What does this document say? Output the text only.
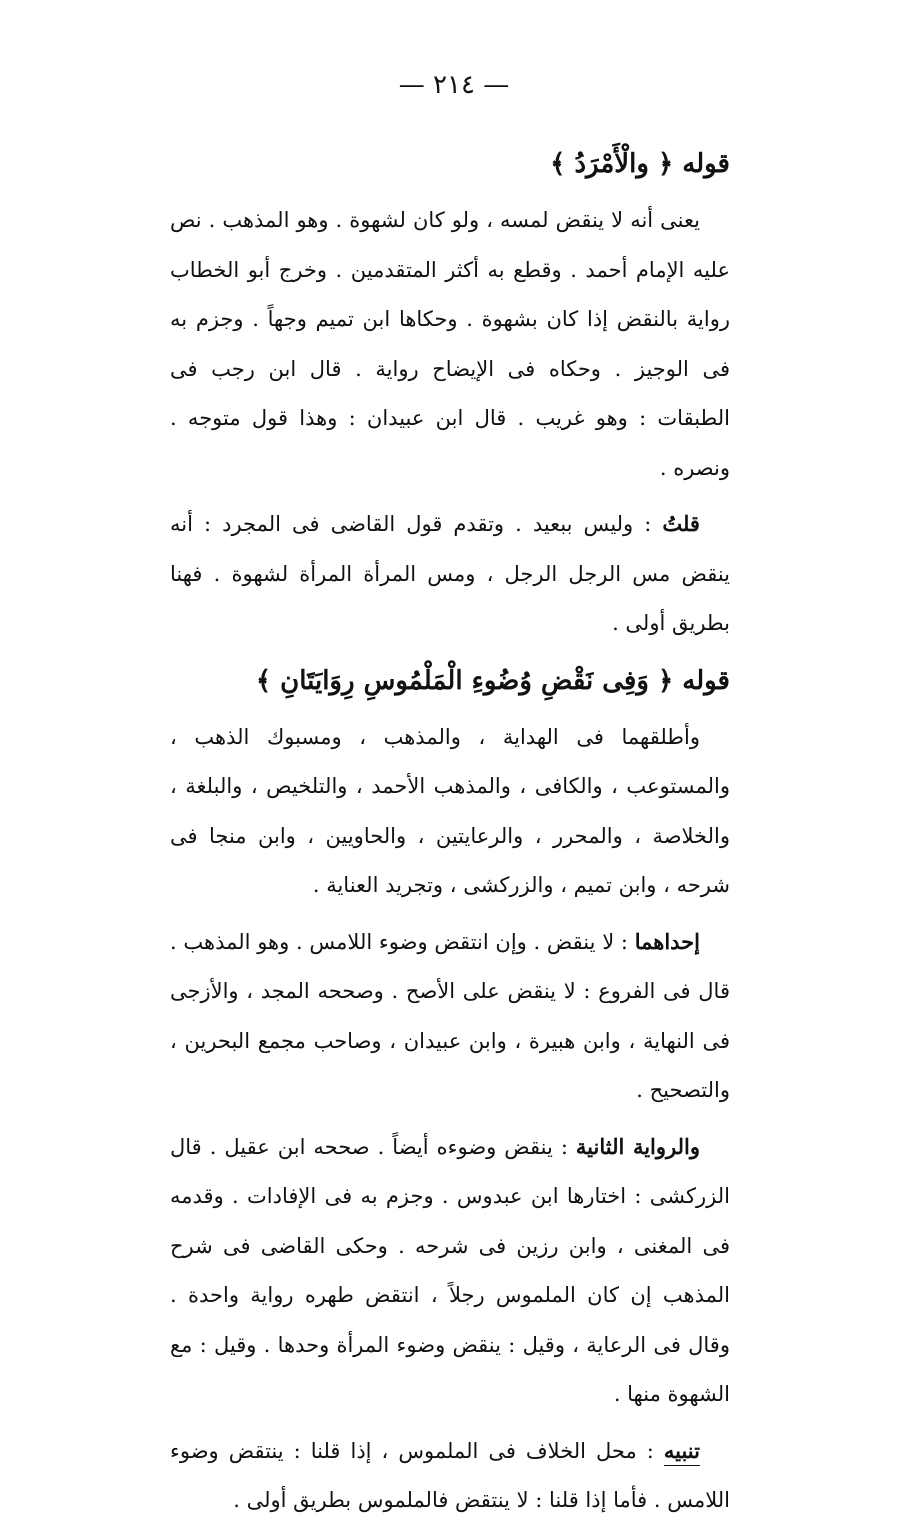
— ٢١٤ —
قوله ﴿ والْأَمْرَدُ ﴾

يعنى أنه لا ينقض لمسه ، ولو كان لشهوة . وهو المذهب . نص عليه الإمام أحمد . وقطع به أكثر المتقدمين . وخرج أبو الخطاب رواية بالنقض إذا كان بشهوة . وحكاها ابن تميم وجهاً . وجزم به فى الوجيز . وحكاه فى الإيضاح رواية . قال ابن رجب فى الطبقات : وهو غريب . قال ابن عبيدان : وهذا قول متوجه . ونصره .

قلتُ : وليس ببعيد . وتقدم قول القاضى فى المجرد : أنه ينقض مس الرجل الرجل ، ومس المرأة المرأة لشهوة . فهنا بطريق أولى .

قوله ﴿ وَفِى نَقْضِ وُضُوءِ الْمَلْمُوسِ رِوَايَتَانِ ﴾

وأطلقهما فى الهداية ، والمذهب ، ومسبوك الذهب ، والمستوعب ، والكافى ، والمذهب الأحمد ، والتلخيص ، والبلغة ، والخلاصة ، والمحرر ، والرعايتين ، والحاويين ، وابن منجا فى شرحه ، وابن تميم ، والزركشى ، وتجريد العناية .

إحداهما : لا ينقض . وإن انتقض وضوء اللامس . وهو المذهب . قال فى الفروع : لا ينقض على الأصح . وصححه المجد ، والأزجى فى النهاية ، وابن هبيرة ، وابن عبيدان ، وصاحب مجمع البحرين ، والتصحيح .

والرواية الثانية : ينقض وضوءه أيضاً . صححه ابن عقيل . قال الزركشى : اختارها ابن عبدوس . وجزم به فى الإفادات . وقدمه فى المغنى ، وابن رزين فى شرحه . وحكى القاضى فى شرح المذهب إن كان الملموس رجلاً ، انتقض طهره رواية واحدة . وقال فى الرعاية ، وقيل : ينقض وضوء المرأة وحدها . وقيل : مع الشهوة منها .

تنبيه : محل الخلاف فى الملموس ، إذا قلنا : ينتقض وضوء اللامس . فأما إذا قلنا : لا ينتقض فالملموس بطريق أولى .
